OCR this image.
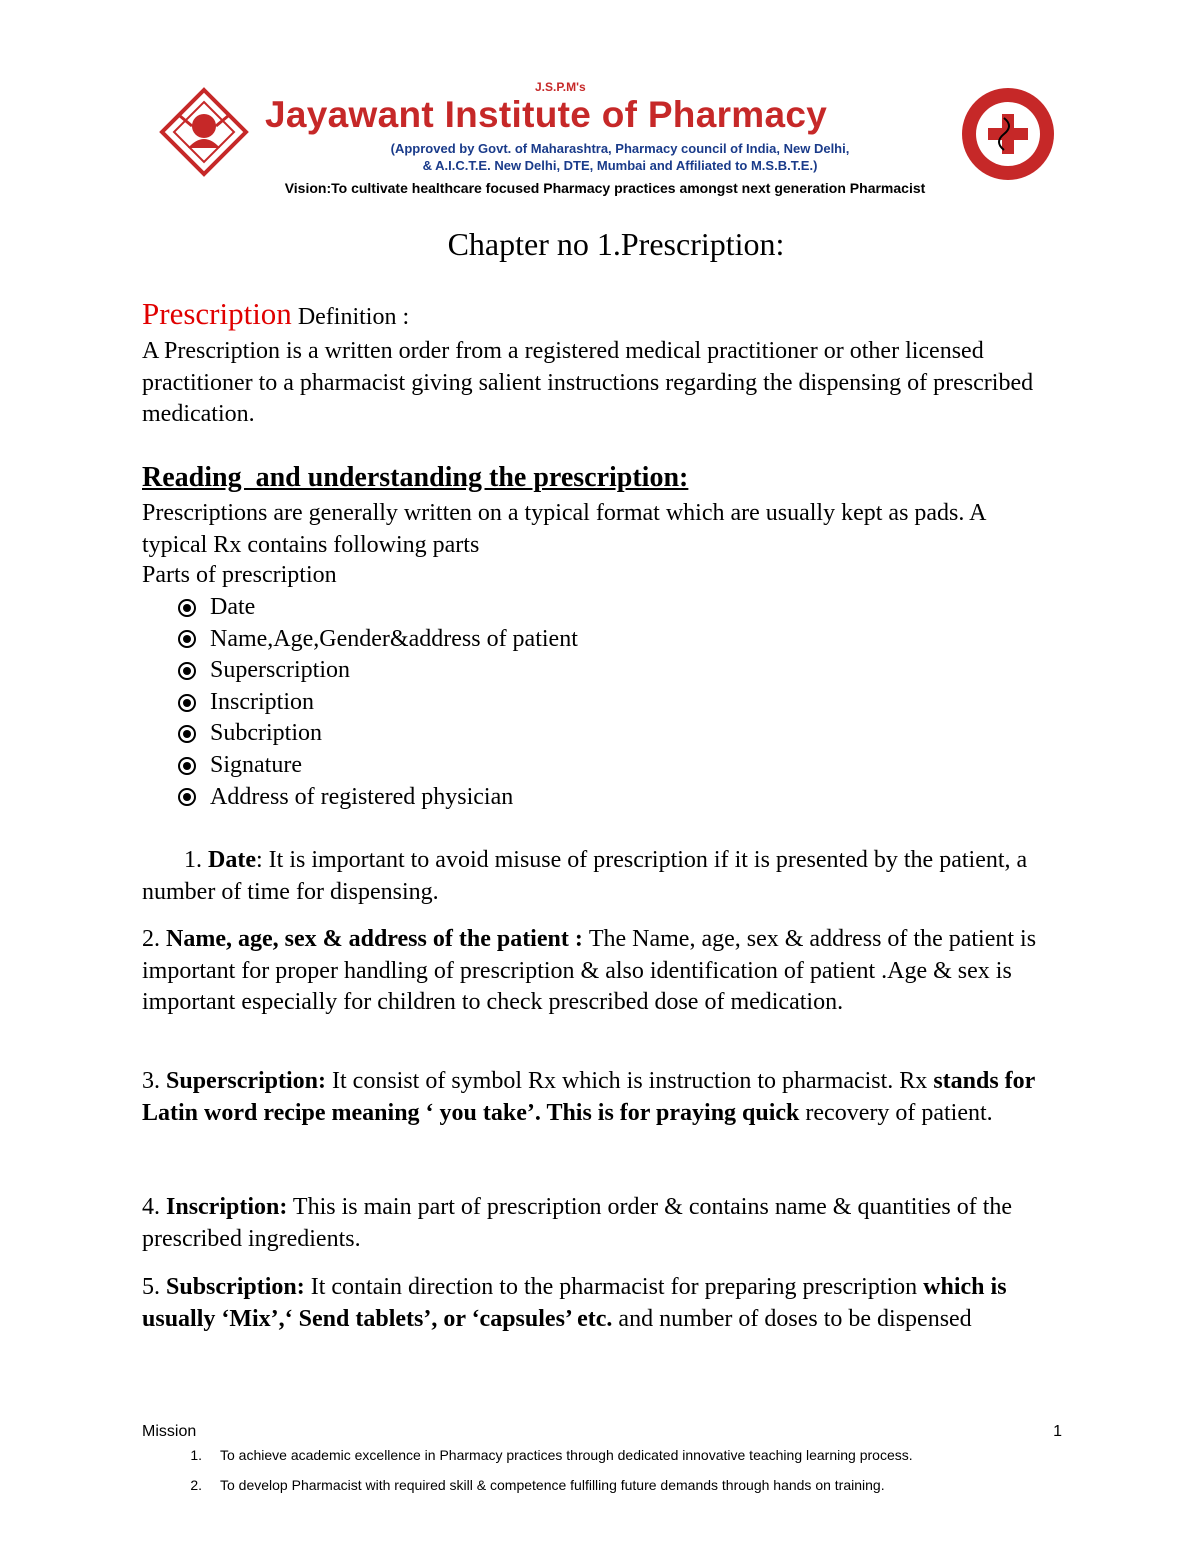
J.S.P.M's
Jayawant Institute of Pharmacy
(Approved by Govt. of Maharashtra, Pharmacy council of India, New Delhi,
& A.I.C.T.E. New Delhi, DTE, Mumbai and Affiliated to M.S.B.T.E.)
Vision:To cultivate healthcare focused Pharmacy practices amongst next generation Pharmacist
Chapter no 1.Prescription:
Prescription Definition :
A Prescription is a written order from a registered medical practitioner or other licensed practitioner to a pharmacist giving salient instructions regarding the dispensing of prescribed medication.
Reading  and understanding the prescription:
Prescriptions are generally written on a typical format which are usually kept as pads. A typical Rx contains following parts
Parts of prescription
Date
Name,Age,Gender&address of patient
Superscription
Inscription
Subcription
Signature
Address of registered physician
1. Date: It is important to avoid misuse of prescription if it is presented by the patient, a number of time for dispensing.
2. Name, age, sex & address of the patient : The Name, age, sex & address of the patient is important for proper handling of prescription & also identification of patient .Age & sex is important especially for children to check prescribed dose of medication.
3. Superscription: It consist of symbol Rx which is instruction to pharmacist. Rx stands for Latin word recipe meaning ‘ you take’. This is for praying quick recovery of patient.
4. Inscription: This is main part of prescription order & contains name & quantities of the prescribed ingredients.
5. Subscription: It contain direction to the pharmacist for preparing prescription which is usually ‘Mix’,‘ Send tablets’, or ‘capsules’ etc. and number of doses to be dispensed
Mission	1
1.	To achieve academic excellence in Pharmacy practices through dedicated innovative teaching learning process.
2.	To develop Pharmacist with required skill & competence fulfilling future demands through hands on training.
